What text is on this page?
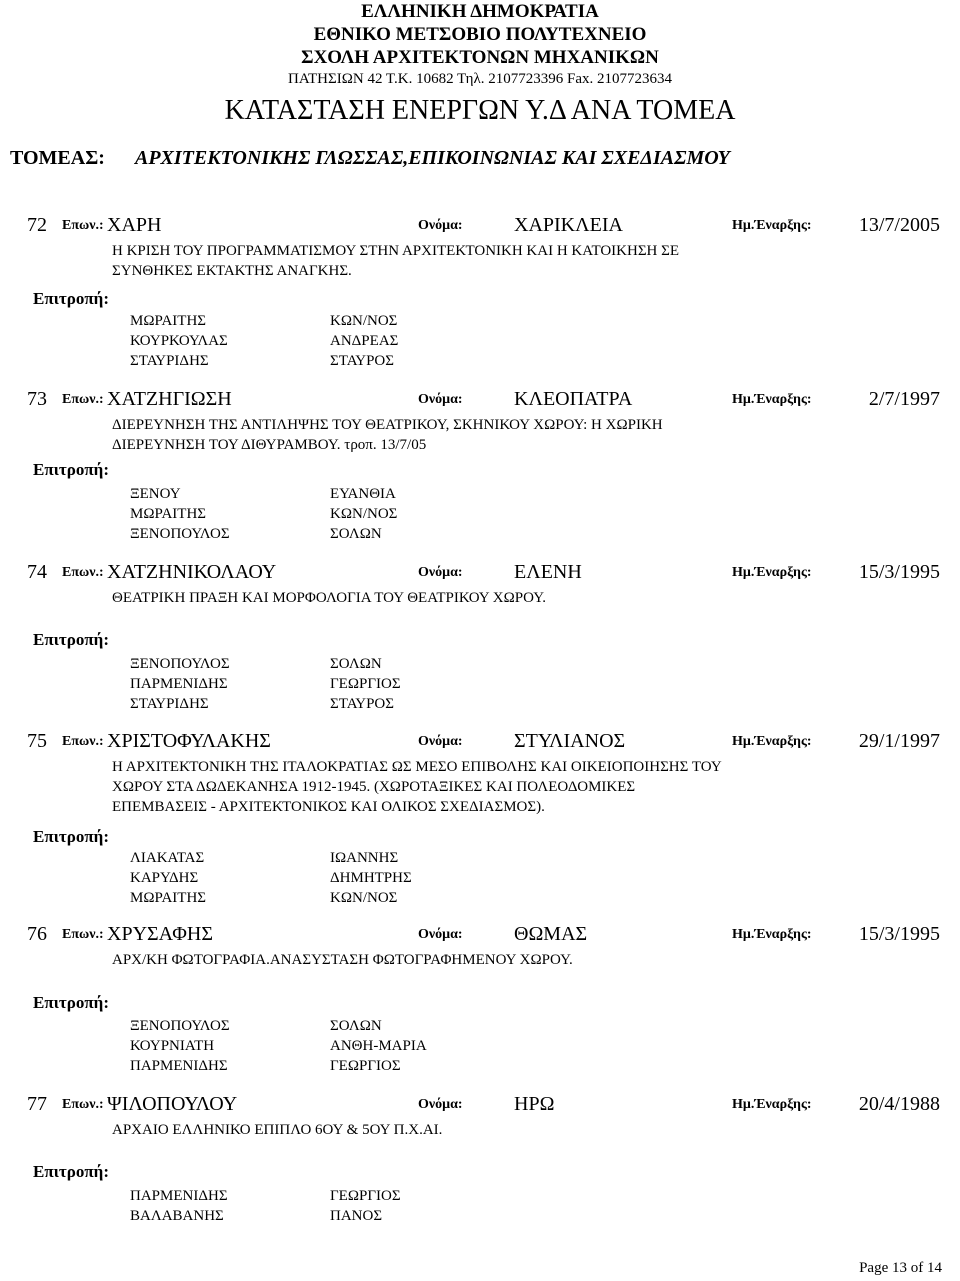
ΕΛΛΗΝΙΚΗ ΔΗΜΟΚΡΑΤΙΑ
ΕΘΝΙΚΟ ΜΕΤΣΟΒΙΟ ΠΟΛΥΤΕΧΝΕΙΟ
ΣΧΟΛΗ ΑΡΧΙΤΕΚΤΟΝΩΝ ΜΗΧΑΝΙΚΩΝ
ΠΑΤΗΣΙΩΝ 42 Τ.Κ. 10682 Τηλ. 2107723396 Fax. 2107723634
ΚΑΤΑΣΤΑΣΗ ΕΝΕΡΓΩΝ Υ.Δ ΑΝΑ ΤΟΜΕΑ
ΤΟΜΕΑΣ: ΑΡΧΙΤΕΚΤΟΝΙΚΗΣ ΓΛΩΣΣΑΣ,ΕΠΙΚΟΙΝΩΝΙΑΣ ΚΑΙ ΣΧΕΔΙΑΣΜΟΥ
72 Επων.: ΧΑΡΗ	Ονόμα:	ΧΑΡΙΚΛΕΙΑ	Ημ.Έναρξης: 13/7/2005
Η ΚΡΙΣΗ ΤΟΥ ΠΡΟΓΡΑΜΜΑΤΙΣΜΟΥ ΣΤΗΝ ΑΡΧΙΤΕΚΤΟΝΙΚΗ ΚΑΙ Η ΚΑΤΟΙΚΗΣΗ ΣΕ
ΣΥΝΘΗΚΕΣ ΕΚΤΑΚΤΗΣ ΑΝΑΓΚΗΣ.
Επιτροπή:
ΜΩΡΑΙΤΗΣ	ΚΩΝ/ΝΟΣ
ΚΟΥΡΚΟΥΛΑΣ	ΑΝΔΡΕΑΣ
ΣΤΑΥΡΙΔΗΣ	ΣΤΑΥΡΟΣ
73 Επων.: ΧΑΤΖΗΓΙΩΣΗ	Ονόμα:	ΚΛΕΟΠΑΤΡΑ	Ημ.Έναρξης:	2/7/1997
ΔΙΕΡΕΥΝΗΣΗ ΤΗΣ ΑΝΤΙΛΗΨΗΣ ΤΟΥ ΘΕΑΤΡΙΚΟΥ, ΣΚΗΝΙΚΟΥ ΧΩΡΟΥ: Η ΧΩΡΙΚΗ
ΔΙΕΡΕΥΝΗΣΗ ΤΟΥ ΔΙΘΥΡΑΜΒΟΥ. τροπ. 13/7/05
Επιτροπή:
ΞΕΝΟΥ	ΕΥΑΝΘΙΑ
ΜΩΡΑΙΤΗΣ	ΚΩΝ/ΝΟΣ
ΞΕΝΟΠΟΥΛΟΣ	ΣΟΛΩΝ
74 Επων.: ΧΑΤΖΗΝΙΚΟΛΑΟΥ	Ονόμα:	ΕΛΕΝΗ	Ημ.Έναρξης: 15/3/1995
ΘΕΑΤΡΙΚΗ ΠΡΑΞΗ ΚΑΙ ΜΟΡΦΟΛΟΓΙΑ ΤΟΥ ΘΕΑΤΡΙΚΟΥ ΧΩΡΟΥ.
Επιτροπή:
ΞΕΝΟΠΟΥΛΟΣ	ΣΟΛΩΝ
ΠΑΡΜΕΝΙΔΗΣ	ΓΕΩΡΓΙΟΣ
ΣΤΑΥΡΙΔΗΣ	ΣΤΑΥΡΟΣ
75 Επων.: ΧΡΙΣΤΟΦΥΛΑΚΗΣ	Ονόμα:	ΣΤΥΛΙΑΝΟΣ	Ημ.Έναρξης: 29/1/1997
Η ΑΡΧΙΤΕΚΤΟΝΙΚΗ ΤΗΣ ΙΤΑΛΟΚΡΑΤΙΑΣ ΩΣ ΜΕΣΟ ΕΠΙΒΟΛΗΣ ΚΑΙ ΟΙΚΕΙΟΠΟΙΗΣΗΣ ΤΟΥ
ΧΩΡΟΥ ΣΤΑ ΔΩΔΕΚΑΝΗΣΑ 1912-1945. (ΧΩΡΟΤΑΞΙΚΕΣ ΚΑΙ ΠΟΛΕΟΔΟΜΙΚΕΣ
ΕΠΕΜΒΑΣΕΙΣ - ΑΡΧΙΤΕΚΤΟΝΙΚΟΣ ΚΑΙ ΟΛΙΚΟΣ ΣΧΕΔΙΑΣΜΟΣ).
Επιτροπή:
ΛΙΑΚΑΤΑΣ	ΙΩΑΝΝΗΣ
ΚΑΡΥΔΗΣ	ΔΗΜΗΤΡΗΣ
ΜΩΡΑΙΤΗΣ	ΚΩΝ/ΝΟΣ
76 Επων.: ΧΡΥΣΑΦΗΣ	Ονόμα:	ΘΩΜΑΣ	Ημ.Έναρξης: 15/3/1995
ΑΡΧ/ΚΗ ΦΩΤΟΓΡΑΦΙΑ.ΑΝΑΣΥΣΤΑΣΗ ΦΩΤΟΓΡΑΦΗΜΕΝΟΥ ΧΩΡΟΥ.
Επιτροπή:
ΞΕΝΟΠΟΥΛΟΣ	ΣΟΛΩΝ
ΚΟΥΡΝΙΑΤΗ	ΑΝΘΗ-ΜΑΡΙΑ
ΠΑΡΜΕΝΙΔΗΣ	ΓΕΩΡΓΙΟΣ
77 Επων.: ΨΙΛΟΠΟΥΛΟΥ	Ονόμα:	ΗΡΩ	Ημ.Έναρξης: 20/4/1988
ΑΡΧΑΙΟ ΕΛΛΗΝΙΚΟ ΕΠΙΠΛΟ 6ΟΥ & 5ΟΥ Π.Χ.ΑΙ.
Επιτροπή:
ΠΑΡΜΕΝΙΔΗΣ	ΓΕΩΡΓΙΟΣ
ΒΑΛΑΒΑΝΗΣ	ΠΑΝΟΣ
Page 13 of 14
